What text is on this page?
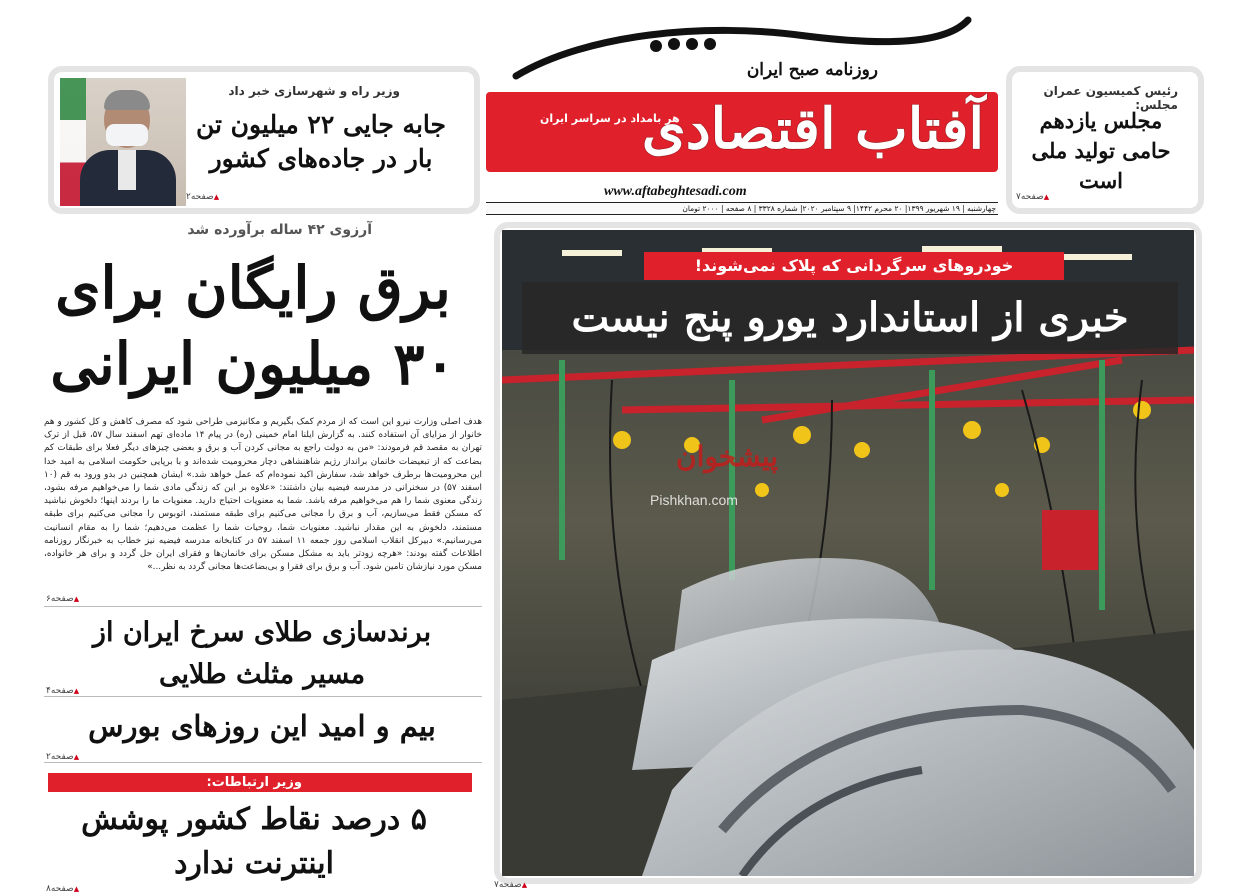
وزیر راه و شهرسازی خبر داد
جابه جایی ۲۲ میلیون تن بار در جاده‌های کشور
▲ صفحه۲
روزنامه صبح ایران
آفتاب اقتصادی
هر بامداد در سراسر ایران
www.aftabeghtesadi.com
چهارشنبه | ۱۹ شهریور ۱۳۹۹| ۲۰ محرم ۱۴۴۲| ۹ سپتامبر ۲۰۲۰| شماره ۳۳۲۸ | ۸ صفحه | ۲۰۰۰ تومان
رئیس کمیسیون عمران مجلس:
مجلس یازدهم حامی تولید ملی است
▲ صفحه۷
آرزوی ۴۲ ساله برآورده شد
برق رایگان برای ۳۰ میلیون ایرانی
هدف اصلی وزارت نیرو این است که از مردم کمک بگیریم و مکانیزمی طراحی شود که مصرف کاهش و کل کشور و هم خانوار از مزایای آن استفاده کنند. به گزارش ایلنا امام خمینی (ره) در پیام ۱۴ ماده‌ای تهم اسفند سال ۵۷، قبل از ترک تهران به مقصد قم فرمودند: «من به دولت راجع به مجانی کردن آب و برق و بعضی چیزهای دیگر فعلا برای طبقات کم بضاعت که از تبعیضات خانمان برانداز رژیم شاهنشاهی دچار محرومیت شده‌اند و با برپایی حکومت اسلامی به امید خدا این محرومیت‌ها برطرف خواهد شد، سفارش اکید نموده‌ام که عمل خواهد شد.» ایشان همچنین در بدو ورود به قم (۱۰ اسفند ۵۷) در سخنرانی در مدرسه فیضیه بیان داشتند: «علاوه بر این که زندگی مادی شما را می‌خواهیم مرفه بشود، زندگی معنوی شما را هم می‌خواهیم مرفه باشد. شما به معنویات احتیاج دارید. معنویات ما را بردند اینها؛ دلخوش نباشید که مسکن فقط می‌سازیم، آب و برق را مجانی می‌کنیم برای طبقه مستمند، اتوبوس را مجانی می‌کنیم برای طبقه مستمند، دلخوش به این مقدار نباشید. معنویات شما، روحیات شما را عظمت می‌دهیم؛ شما را به مقام انسانیت می‌رسانیم.» دبیرکل انقلاب اسلامی روز جمعه ۱۱ اسفند ۵۷ در کتابخانه مدرسه فیضیه نیز خطاب به خبرنگار روزنامه اطلاعات گفته بودند: «هرچه زودتر باید به مشکل مسکن برای خانمان‌ها و فقرای ایران حل گردد و برای هر خانواده، مسکن مورد نیازشان تامین شود. آب و برق برای فقرا و بی‌بضاعت‌ها مجانی گردد به نظر...»
▲ صفحه۶
برندسازی طلای سرخ ایران از مسیر مثلث طلایی
▲ صفحه۴
بیم و امید این روزهای بورس
▲ صفحه۲
وزیر ارتباطات:
۵ درصد نقاط کشور پوشش اینترنت ندارد
▲ صفحه۸
خودروهای سرگردانی که پلاک نمی‌شوند!
خبری از استاندارد یورو پنج نیست
پیشخوان
Pishkhan.com
▲ صفحه۷
